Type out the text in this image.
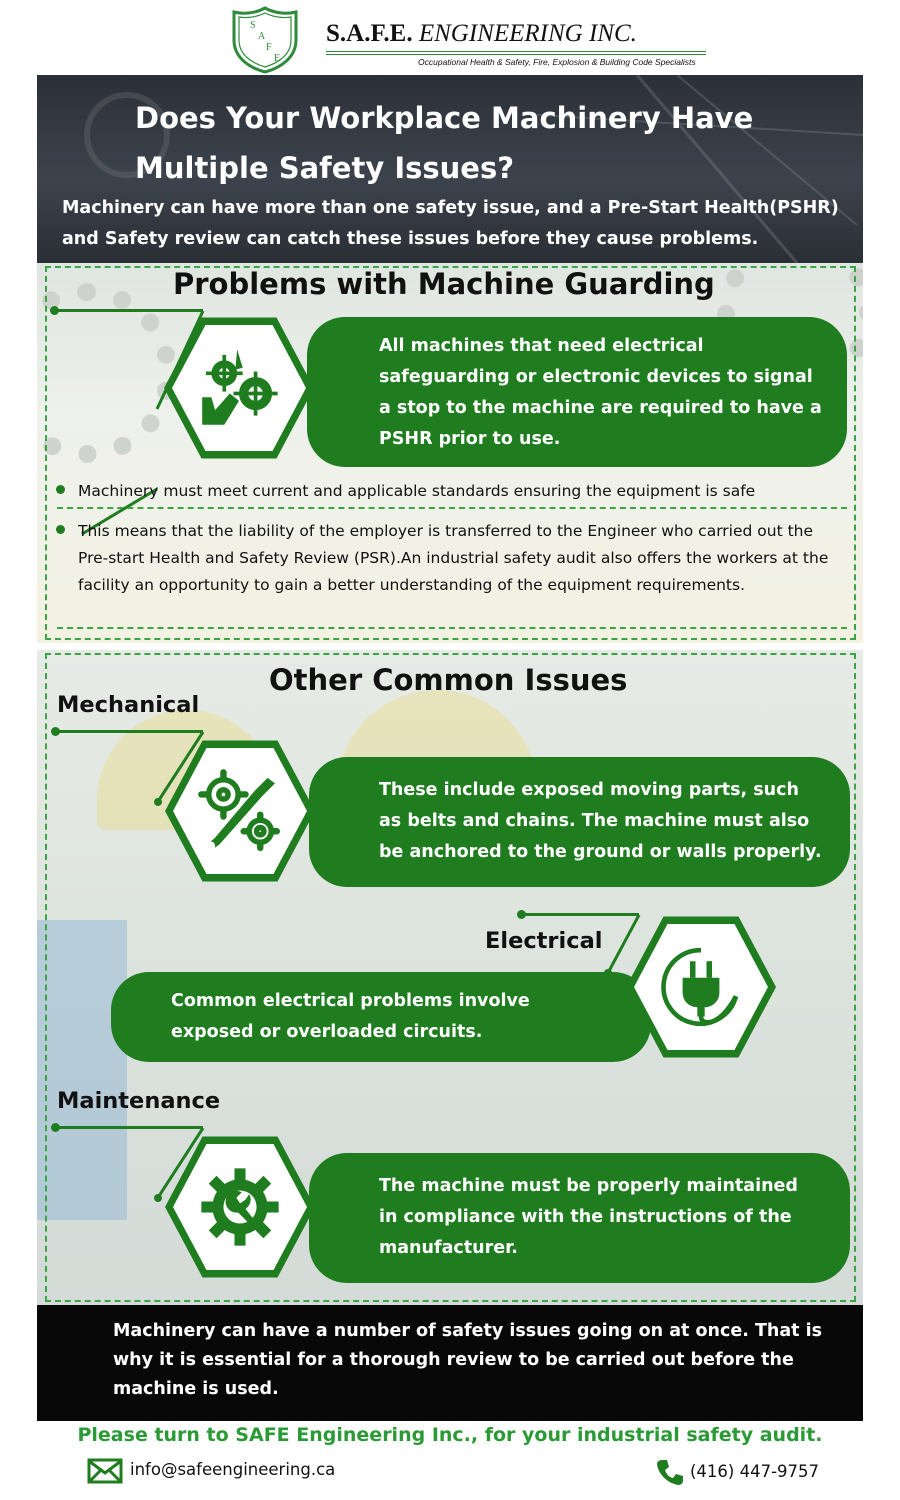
S
A
F
E
S.A.F.E. ENGINEERING INC.
Occupational Health & Safety, Fire, Explosion & Building Code Specialists
Does Your Workplace Machinery Have Multiple Safety Issues?
Machinery can have more than one safety issue, and a Pre-Start Health(PSHR) and Safety review can catch these issues before they cause problems.
Problems with Machine Guarding
All machines that need electrical
safeguarding or electronic devices to signal
a stop to the machine are required to have a
PSHR prior to use.
Machinery must meet current and applicable standards ensuring the equipment is safe
This means that the liability of the employer is transferred to the Engineer who carried out the Pre-start Health and Safety Review (PSR).An industrial safety audit also offers the workers at the facility an opportunity to gain a better understanding of the equipment requirements.
Other Common Issues
Mechanical
These include exposed moving parts, such
as belts and chains. The machine must also
be anchored to the ground or walls properly.
Electrical
Common electrical problems involve
exposed or overloaded circuits.
Maintenance
The machine must be properly maintained
in compliance with the instructions of the
manufacturer.
Machinery can have a number of safety issues going on at once. That is why it is essential for a thorough review to be carried out before the machine is used.
Please turn to SAFE Engineering Inc., for your industrial safety audit.
info@safeengineering.ca	(416) 447-9757
